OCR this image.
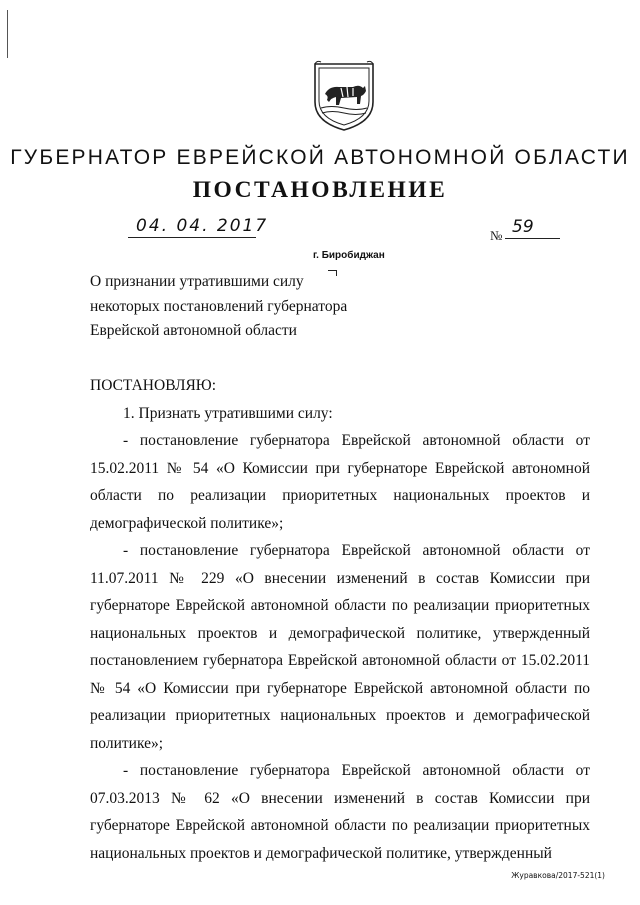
ГУБЕРНАТОР ЕВРЕЙСКОЙ АВТОНОМНОЙ ОБЛАСТИ
ПОСТАНОВЛЕНИЕ
04. 04. 2017	№ 59
г. Биробиджан
О признании утратившими силу
некоторых постановлений губернатора
Еврейской автономной области

ПОСТАНОВЛЯЮ:

1. Признать утратившими силу:

- постановление губернатора Еврейской автономной области от 15.02.2011 № 54 «О Комиссии при губернаторе Еврейской автономной области по реализации приоритетных национальных проектов и демографической политике»;

- постановление губернатора Еврейской автономной области от 11.07.2011 № 229 «О внесении изменений в состав Комиссии при губернаторе Еврейской автономной области по реализации приоритетных национальных проектов и демографической политике, утвержденный постановлением губернатора Еврейской автономной области от 15.02.2011 № 54 «О Комиссии при губернаторе Еврейской автономной области по реализации приоритетных национальных проектов и демографической политике»;

- постановление губернатора Еврейской автономной области от 07.03.2013 № 62 «О внесении изменений в состав Комиссии при губернаторе Еврейской автономной области по реализации приоритетных национальных проектов и демографической политике, утвержденный

Журавкова/2017-521(1)
